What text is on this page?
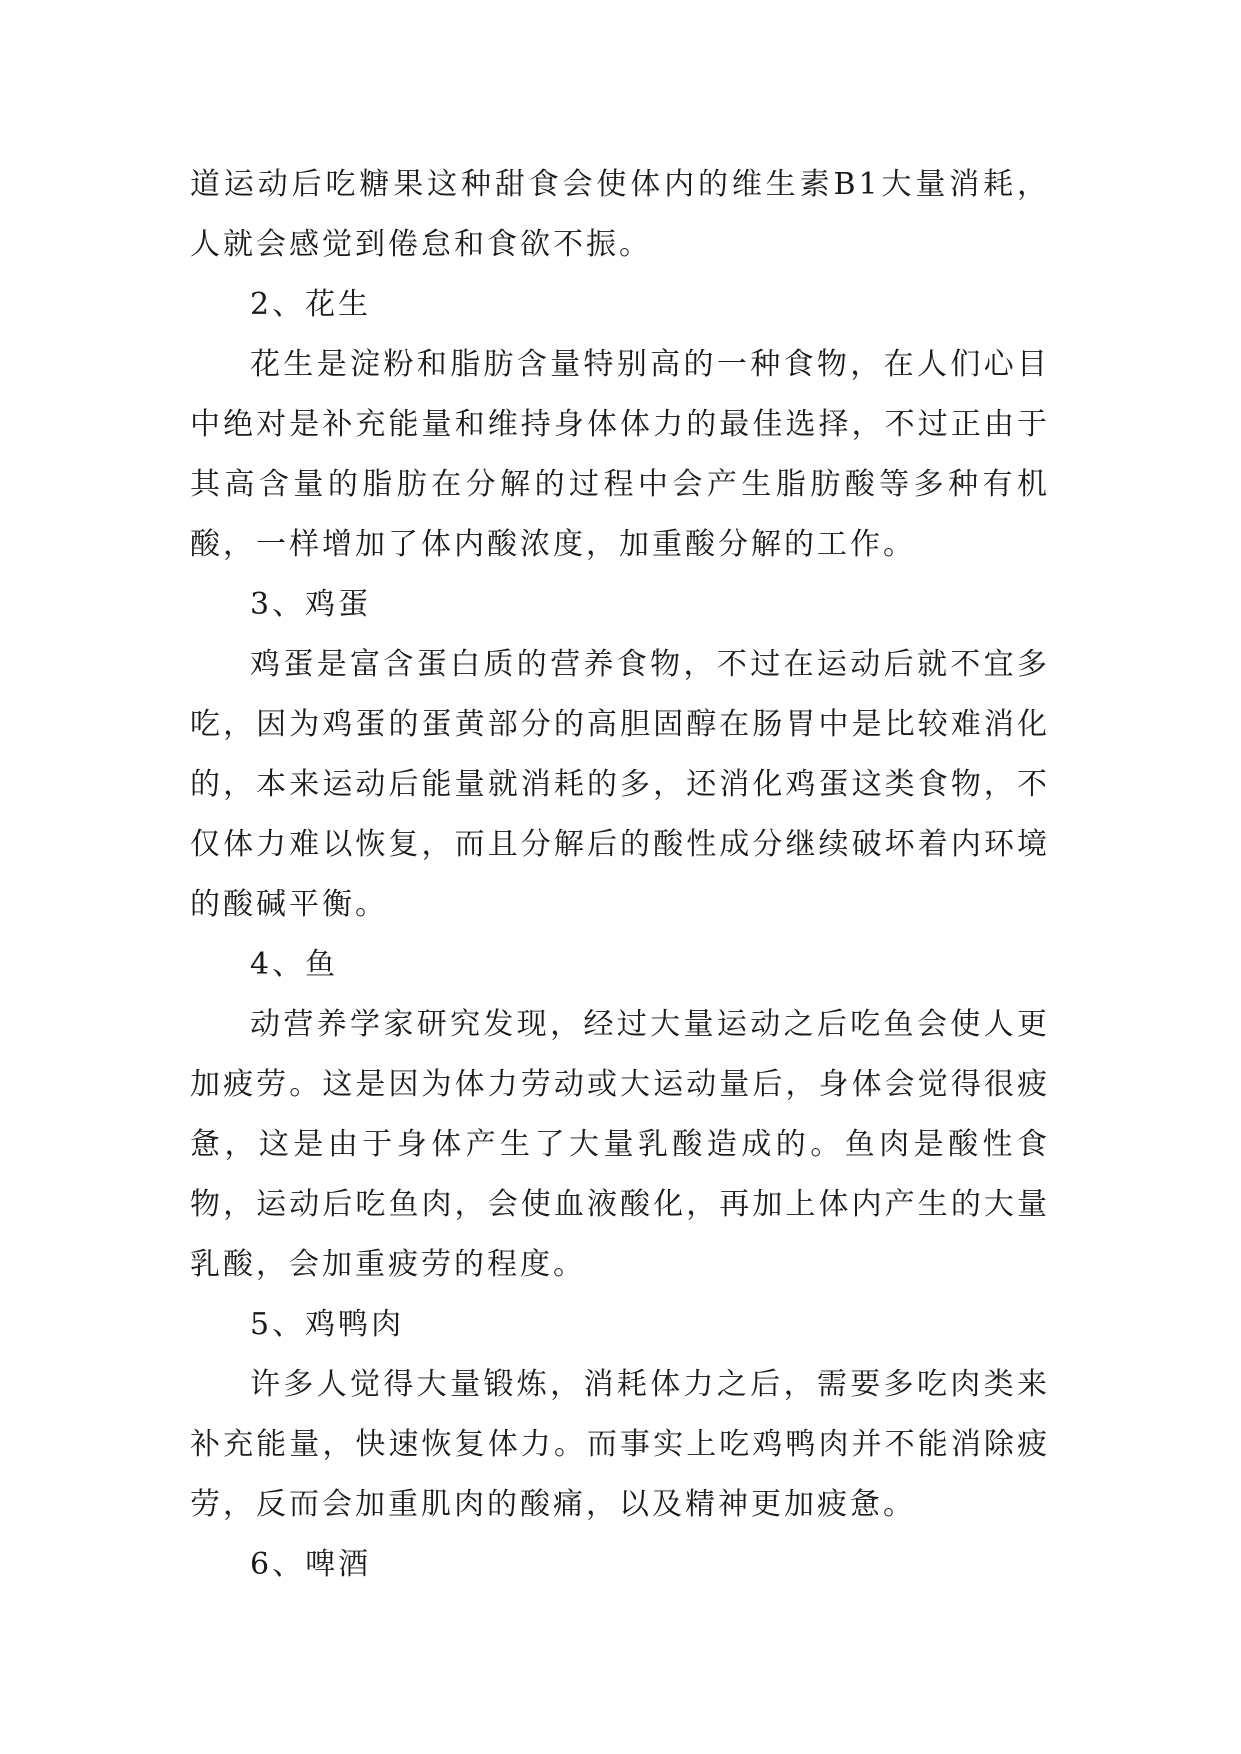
道运动后吃糖果这种甜食会使体内的维生素B1大量消耗，人就会感觉到倦怠和食欲不振。

2、花生

花生是淀粉和脂肪含量特别高的一种食物，在人们心目中绝对是补充能量和维持身体体力的最佳选择，不过正由于其高含量的脂肪在分解的过程中会产生脂肪酸等多种有机酸，一样增加了体内酸浓度，加重酸分解的工作。

3、鸡蛋

鸡蛋是富含蛋白质的营养食物，不过在运动后就不宜多吃，因为鸡蛋的蛋黄部分的高胆固醇在肠胃中是比较难消化的，本来运动后能量就消耗的多，还消化鸡蛋这类食物，不仅体力难以恢复，而且分解后的酸性成分继续破坏着内环境的酸碱平衡。

4、鱼

动营养学家研究发现，经过大量运动之后吃鱼会使人更加疲劳。这是因为体力劳动或大运动量后，身体会觉得很疲惫，这是由于身体产生了大量乳酸造成的。鱼肉是酸性食物，运动后吃鱼肉，会使血液酸化，再加上体内产生的大量乳酸，会加重疲劳的程度。

5、鸡鸭肉

许多人觉得大量锻炼，消耗体力之后，需要多吃肉类来补充能量，快速恢复体力。而事实上吃鸡鸭肉并不能消除疲劳，反而会加重肌肉的酸痛，以及精神更加疲惫。

6、啤酒
